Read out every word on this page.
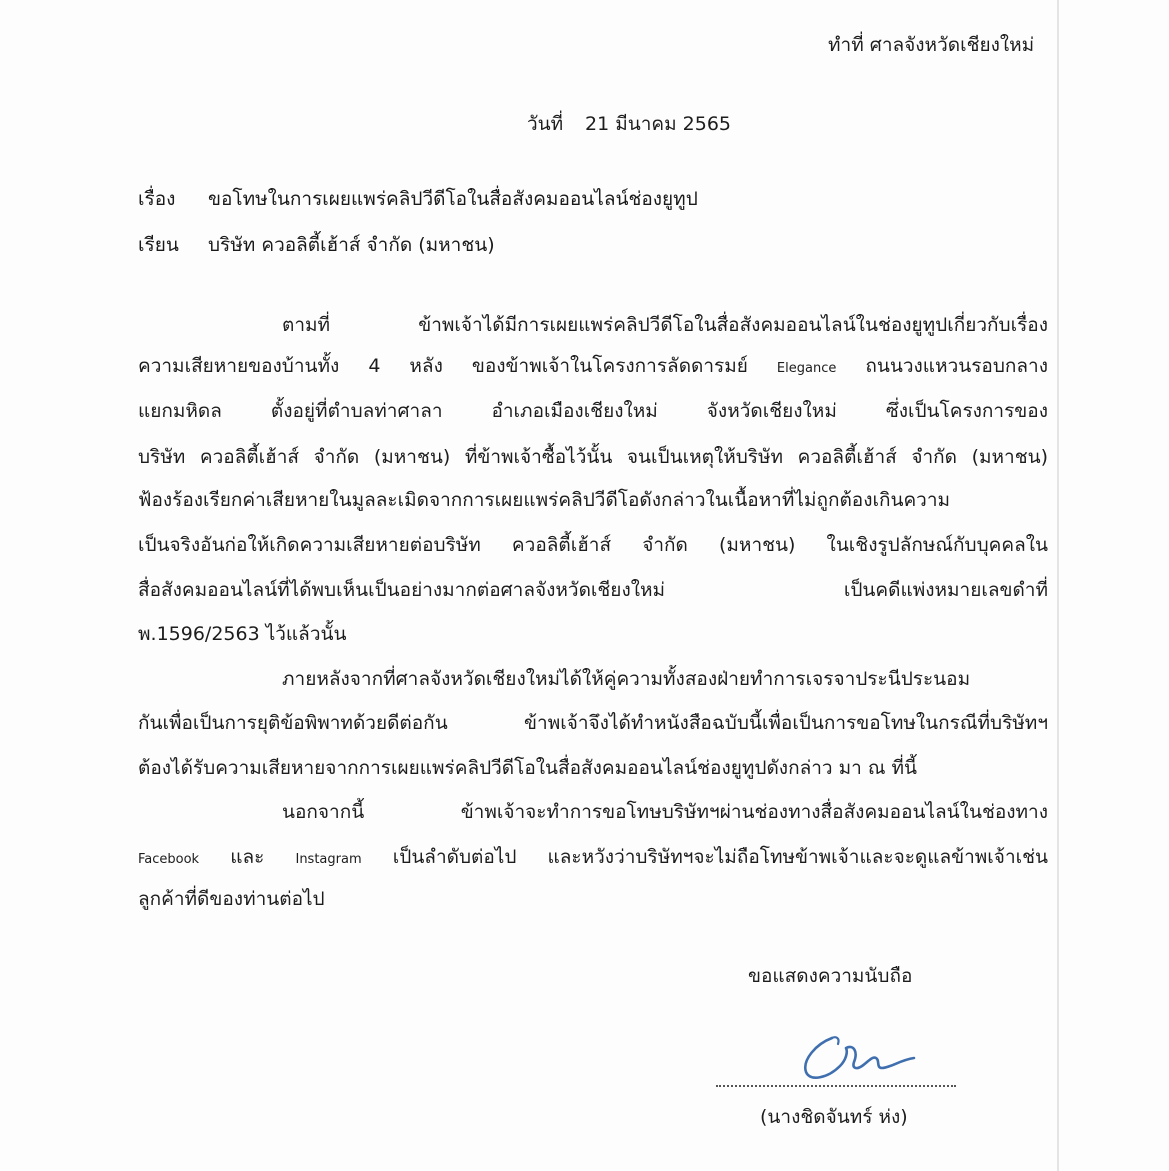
ทำที่ ศาลจังหวัดเชียงใหม่
วันที่ 21 มีนาคม 2565
เรื่อง ขอโทษในการเผยแพร่คลิปวีดีโอในสื่อสังคมออนไลน์ช่องยูทูป
เรียน บริษัท ควอลิตี้เฮ้าส์ จำกัด (มหาชน)
ตามที่ ข้าพเจ้าได้มีการเผยแพร่คลิปวีดีโอในสื่อสังคมออนไลน์ในช่องยูทูปเกี่ยวกับเรื่อง
ความเสียหายของบ้านทั้ง 4 หลัง ของข้าพเจ้าในโครงการลัดดารมย์ Elegance ถนนวงแหวนรอบกลาง
แยกมหิดล ตั้งอยู่ที่ตำบลท่าศาลา อำเภอเมืองเชียงใหม่ จังหวัดเชียงใหม่ ซึ่งเป็นโครงการของ
บริษัท ควอลิตี้เฮ้าส์ จำกัด (มหาชน) ที่ข้าพเจ้าซื้อไว้นั้น จนเป็นเหตุให้บริษัท ควอลิตี้เฮ้าส์ จำกัด (มหาชน)
ฟ้องร้องเรียกค่าเสียหายในมูลละเมิดจากการเผยแพร่คลิปวีดีโอดังกล่าวในเนื้อหาที่ไม่ถูกต้องเกินความ
เป็นจริงอันก่อให้เกิดความเสียหายต่อบริษัท ควอลิตี้เฮ้าส์ จำกัด (มหาชน) ในเชิงรูปลักษณ์กับบุคคลใน
สื่อสังคมออนไลน์ที่ได้พบเห็นเป็นอย่างมากต่อศาลจังหวัดเชียงใหม่ เป็นคดีแพ่งหมายเลขดำที่
พ.1596/2563 ไว้แล้วนั้น
ภายหลังจากที่ศาลจังหวัดเชียงใหม่ได้ให้คู่ความทั้งสองฝ่ายทำการเจรจาประนีประนอม
กันเพื่อเป็นการยุติข้อพิพาทด้วยดีต่อกัน ข้าพเจ้าจึงได้ทำหนังสือฉบับนี้เพื่อเป็นการขอโทษในกรณีที่บริษัทฯ
ต้องได้รับความเสียหายจากการเผยแพร่คลิปวีดีโอในสื่อสังคมออนไลน์ช่องยูทูปดังกล่าว มา ณ ที่นี้
นอกจากนี้ ข้าพเจ้าจะทำการขอโทษบริษัทฯผ่านช่องทางสื่อสังคมออนไลน์ในช่องทาง
Facebook และ Instagram เป็นลำดับต่อไป และหวังว่าบริษัทฯจะไม่ถือโทษข้าพเจ้าและจะดูแลข้าพเจ้าเช่น
ลูกค้าที่ดีของท่านต่อไป
ขอแสดงความนับถือ
(นางชิดจันทร์ ห่ง)
